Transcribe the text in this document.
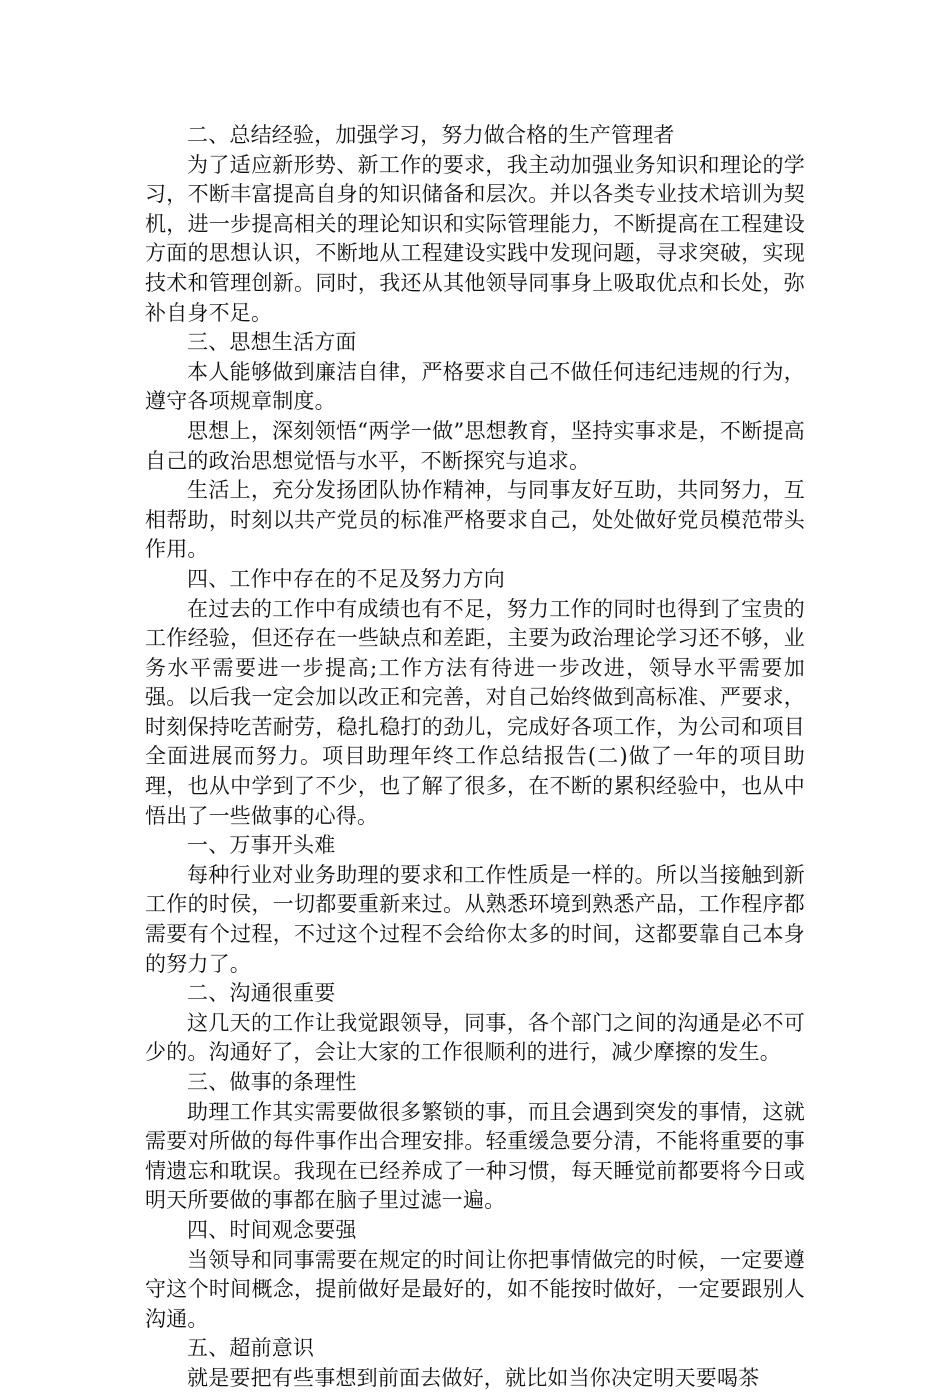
二、总结经验，加强学习，努力做合格的生产管理者

为了适应新形势、新工作的要求，我主动加强业务知识和理论的学习，不断丰富提高自身的知识储备和层次。并以各类专业技术培训为契机，进一步提高相关的理论知识和实际管理能力，不断提高在工程建设方面的思想认识，不断地从工程建设实践中发现问题，寻求突破，实现技术和管理创新。同时，我还从其他领导同事身上吸取优点和长处，弥补自身不足。

三、思想生活方面

本人能够做到廉洁自律，严格要求自己不做任何违纪违规的行为，遵守各项规章制度。

思想上，深刻领悟“两学一做”思想教育，坚持实事求是，不断提高自己的政治思想觉悟与水平，不断探究与追求。

生活上，充分发扬团队协作精神，与同事友好互助，共同努力，互相帮助，时刻以共产党员的标准严格要求自己，处处做好党员模范带头作用。

四、工作中存在的不足及努力方向

在过去的工作中有成绩也有不足，努力工作的同时也得到了宝贵的工作经验，但还存在一些缺点和差距，主要为政治理论学习还不够，业务水平需要进一步提高;工作方法有待进一步改进，领导水平需要加强。以后我一定会加以改正和完善，对自己始终做到高标准、严要求，时刻保持吃苦耐劳，稳扎稳打的劲儿，完成好各项工作，为公司和项目全面进展而努力。项目助理年终工作总结报告(二)做了一年的项目助理，也从中学到了不少，也了解了很多，在不断的累积经验中，也从中悟出了一些做事的心得。

一、万事开头难

每种行业对业务助理的要求和工作性质是一样的。所以当接触到新工作的时侯，一切都要重新来过。从熟悉环境到熟悉产品，工作程序都需要有个过程，不过这个过程不会给你太多的时间，这都要靠自己本身的努力了。

二、沟通很重要

这几天的工作让我觉跟领导，同事，各个部门之间的沟通是必不可少的。沟通好了，会让大家的工作很顺利的进行，减少摩擦的发生。

三、做事的条理性

助理工作其实需要做很多繁锁的事，而且会遇到突发的事情，这就需要对所做的每件事作出合理安排。轻重缓急要分清，不能将重要的事情遗忘和耽误。我现在已经养成了一种习惯，每天睡觉前都要将今日或明天所要做的事都在脑子里过滤一遍。

四、时间观念要强

当领导和同事需要在规定的时间让你把事情做完的时候，一定要遵守这个时间概念，提前做好是最好的，如不能按时做好，一定要跟别人沟通。

五、超前意识

就是要把有些事想到前面去做好，就比如当你决定明天要喝茶
